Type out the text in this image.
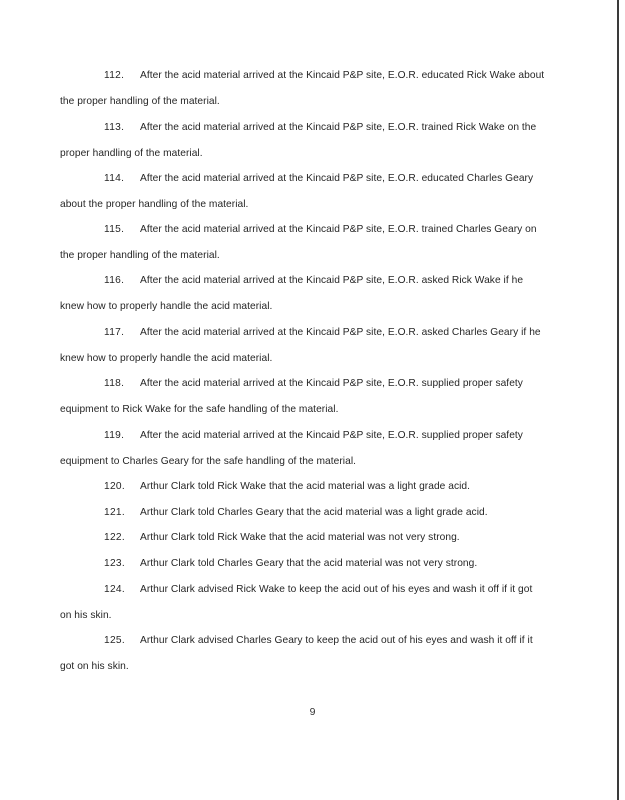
112. After the acid material arrived at the Kincaid P&P site, E.O.R. educated Rick Wake about the proper handling of the material.

113. After the acid material arrived at the Kincaid P&P site, E.O.R. trained Rick Wake on the proper handling of the material.

114. After the acid material arrived at the Kincaid P&P site, E.O.R. educated Charles Geary about the proper handling of the material.

115. After the acid material arrived at the Kincaid P&P site, E.O.R. trained Charles Geary on the proper handling of the material.

116. After the acid material arrived at the Kincaid P&P site, E.O.R. asked Rick Wake if he knew how to properly handle the acid material.

117. After the acid material arrived at the Kincaid P&P site, E.O.R. asked Charles Geary if he knew how to properly handle the acid material.

118. After the acid material arrived at the Kincaid P&P site, E.O.R. supplied proper safety equipment to Rick Wake for the safe handling of the material.

119. After the acid material arrived at the Kincaid P&P site, E.O.R. supplied proper safety equipment to Charles Geary for the safe handling of the material.

120. Arthur Clark told Rick Wake that the acid material was a light grade acid.

121. Arthur Clark told Charles Geary that the acid material was a light grade acid.

122. Arthur Clark told Rick Wake that the acid material was not very strong.

123. Arthur Clark told Charles Geary that the acid material was not very strong.

124. Arthur Clark advised Rick Wake to keep the acid out of his eyes and wash it off if it got on his skin.

125. Arthur Clark advised Charles Geary to keep the acid out of his eyes and wash it off if it got on his skin.

9
